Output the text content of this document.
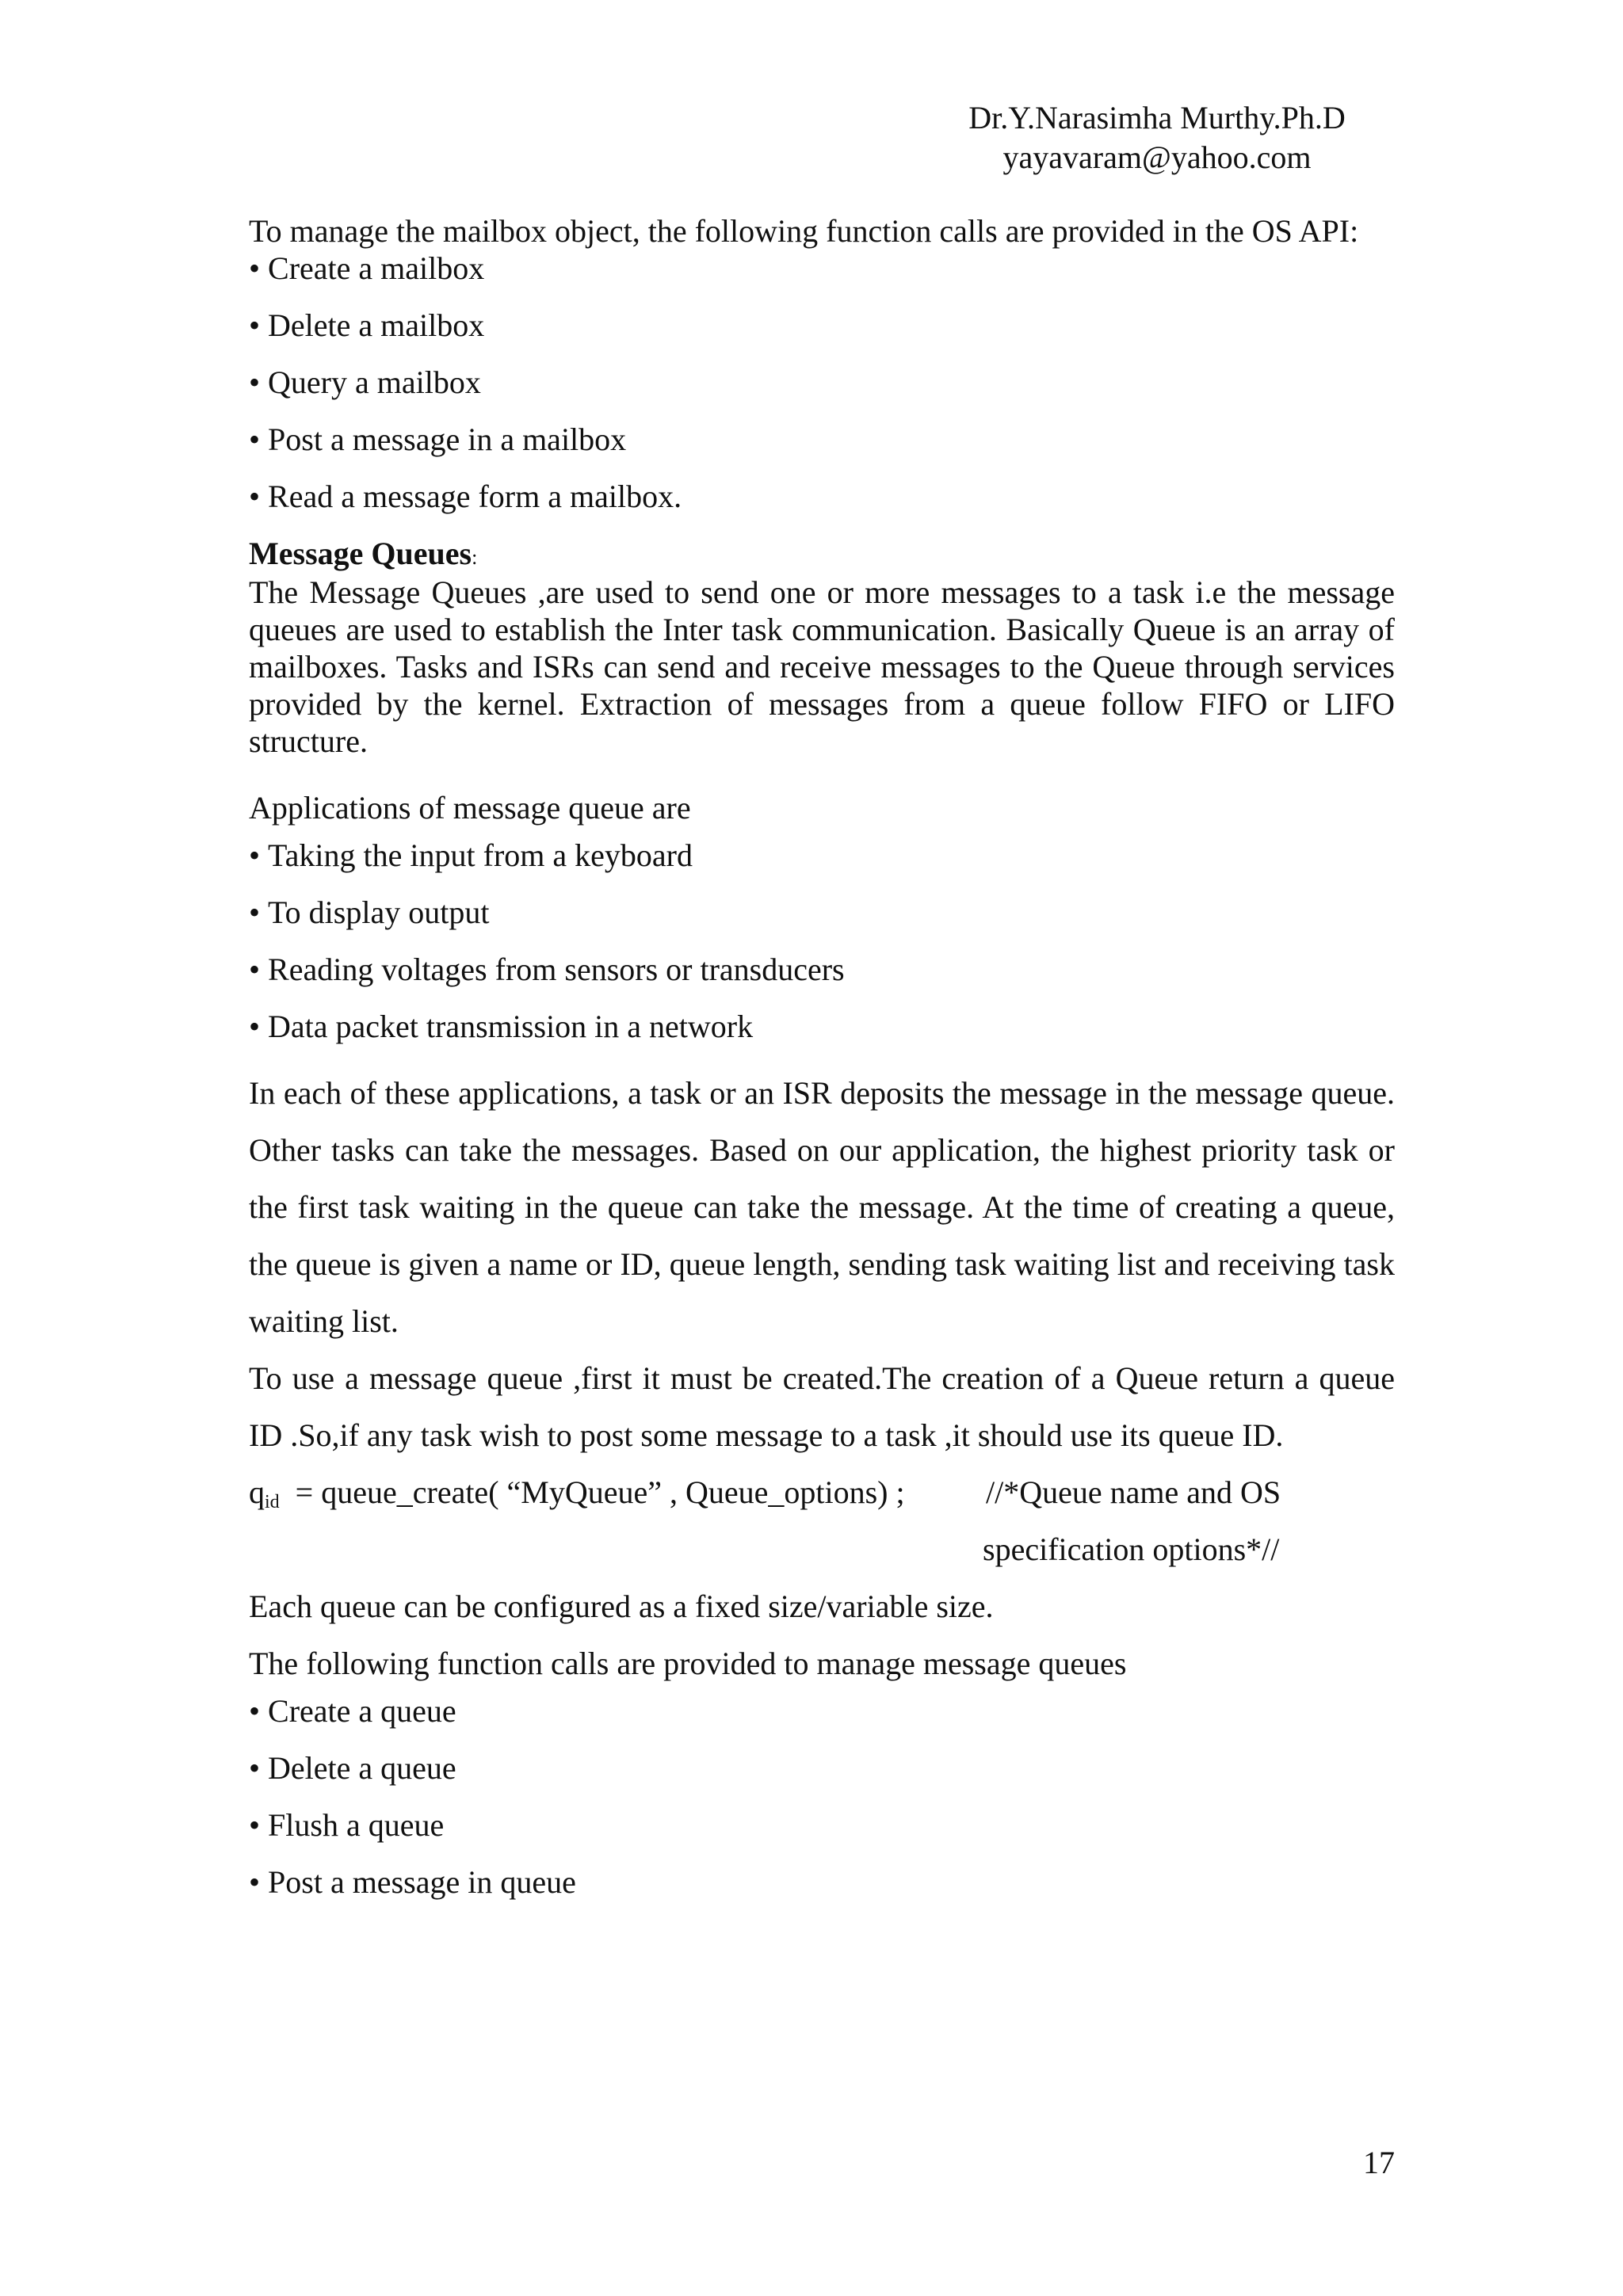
Dr.Y.Narasimha Murthy.Ph.D
yayavaram@yahoo.com

To manage the mailbox object, the following function calls are provided in the OS API:

• Create a mailbox
• Delete a mailbox
• Query a mailbox
• Post a message in a mailbox
• Read a message form a mailbox.
Message Queues:

The Message Queues ,are used to send one or more messages to a task i.e the message queues are used to establish the Inter task communication. Basically Queue is an array of mailboxes. Tasks and ISRs can send and receive messages to the Queue through services provided by the kernel. Extraction of messages from a queue follow FIFO or LIFO structure.

Applications of message queue are

• Taking the input from a keyboard
• To display output
• Reading voltages from sensors or transducers
• Data packet transmission in a network

In each of these applications, a task or an ISR deposits the message in the message queue. Other tasks can take the messages. Based on our application, the highest priority task or the first task waiting in the queue can take the message. At the time of creating a queue, the queue is given a name or ID, queue length, sending task waiting list and receiving task waiting list.

To use a message queue ,first it must be created.The creation of a Queue return a queue ID .So,if any task wish to post some message to a task ,it should use its queue ID.

$q_{id}$ = queue_create( “MyQueue” , Queue_options) ;	//*Queue name and OS
specification options*//

Each queue can be configured as a fixed size/variable size.

The following function calls are provided to manage message queues

• Create a queue
• Delete a queue
• Flush a queue
• Post a message in queue
17
